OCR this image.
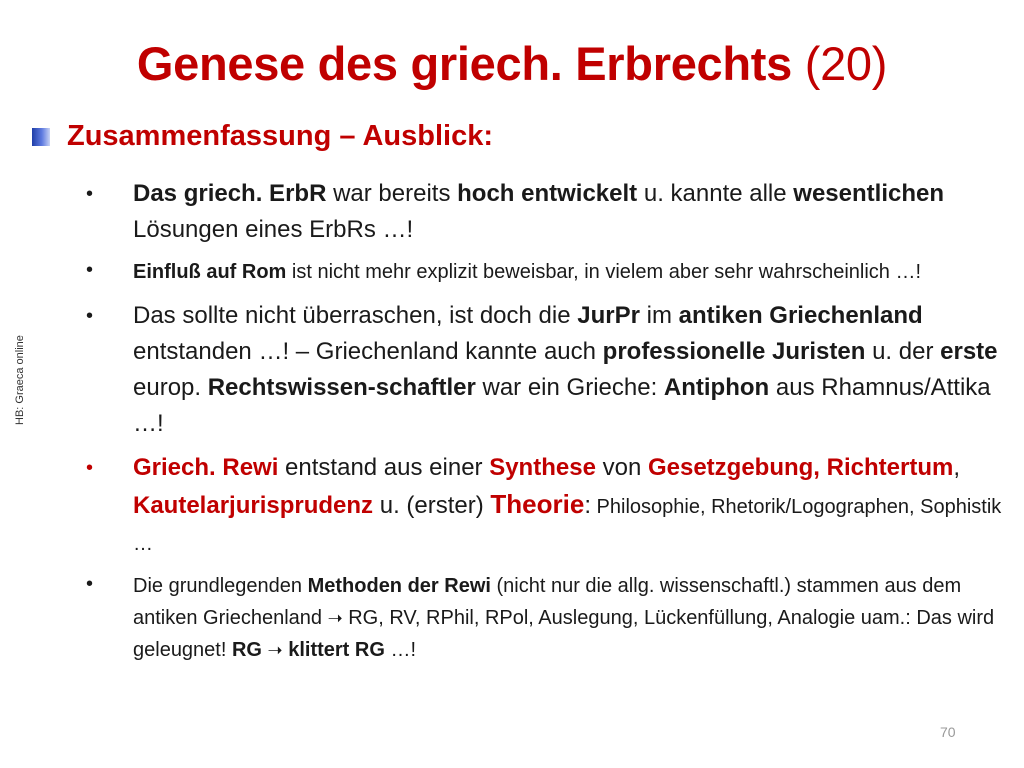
Genese des griech. Erbrechts (20)
HB: Graeca online
Zusammenfassung – Ausblick:
• Das griech. ErbR war bereits hoch entwickelt u. kannte alle wesentlichen Lösungen eines ErbRs …!
• Einfluß auf Rom ist nicht mehr explizit beweisbar, in vielem aber sehr wahrscheinlich …!
• Das sollte nicht überraschen, ist doch die JurPr im antiken Griechenland entstanden …! – Griechenland kannte auch professionelle Juristen u. der erste europ. Rechtswissen-schaftler war ein Grieche: Antiphon aus Rhamnus/Attika …!
• Griech. Rewi entstand aus einer Synthese von Gesetzgebung, Richtertum, Kautelarjurisprudenz u. (erster) Theorie: Philosophie, Rhetorik/Logographen, Sophistik …
• Die grundlegenden Methoden der Rewi (nicht nur die allg. wissenschaftl.) stammen aus dem antiken Griechenland ➝ RG, RV, RPhil, RPol, Auslegung, Lückenfüllung, Analogie uam.: Das wird geleugnet! RG ➝ klittert RG …!
70
